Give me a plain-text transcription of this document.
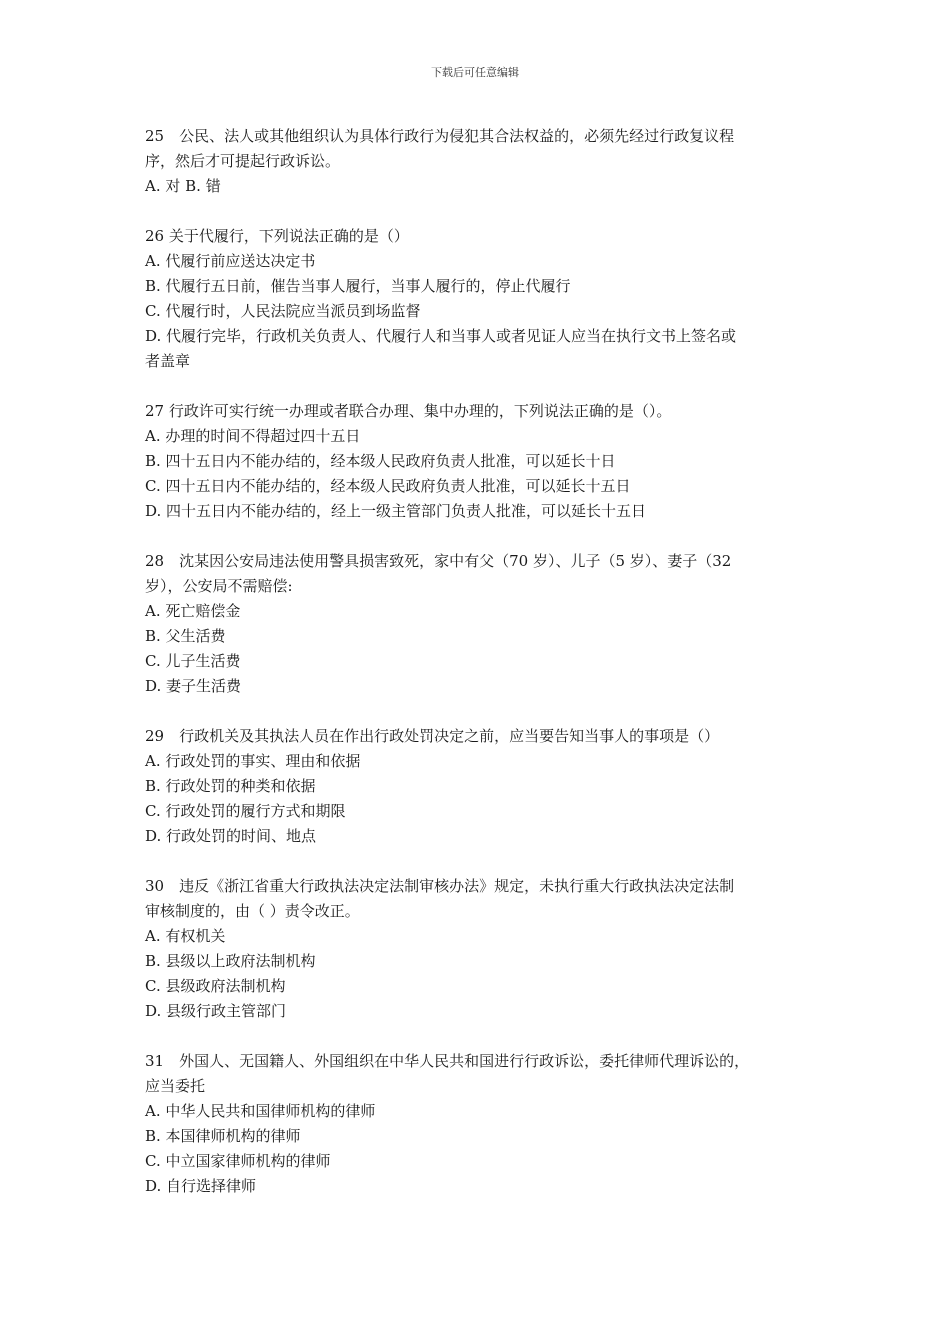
下载后可任意编辑
25　公民、法人或其他组织认为具体行政行为侵犯其合法权益的，必须先经过行政复议程
序，然后才可提起行政诉讼。
A. 对 B. 错
26 关于代履行，下列说法正确的是（）
A. 代履行前应送达决定书
B. 代履行五日前，催告当事人履行，当事人履行的，停止代履行
C. 代履行时，人民法院应当派员到场监督
D. 代履行完毕，行政机关负责人、代履行人和当事人或者见证人应当在执行文书上签名或
者盖章
27 行政许可实行统一办理或者联合办理、集中办理的，下列说法正确的是（）。
A. 办理的时间不得超过四十五日
B. 四十五日内不能办结的，经本级人民政府负责人批准，可以延长十日
C. 四十五日内不能办结的，经本级人民政府负责人批准，可以延长十五日
D. 四十五日内不能办结的，经上一级主管部门负责人批准，可以延长十五日
28　沈某因公安局违法使用警具损害致死，家中有父（70 岁）、儿子（5 岁）、妻子（32
岁），公安局不需赔偿:
A. 死亡赔偿金
B. 父生活费
C. 儿子生活费
D. 妻子生活费
29　行政机关及其执法人员在作出行政处罚决定之前，应当要告知当事人的事项是（）
A. 行政处罚的事实、理由和依据
B. 行政处罚的种类和依据
C. 行政处罚的履行方式和期限
D. 行政处罚的时间、地点
30　违反《浙江省重大行政执法决定法制审核办法》规定，未执行重大行政执法决定法制
审核制度的，由（ ）责令改正。
A. 有权机关
B. 县级以上政府法制机构
C. 县级政府法制机构
D. 县级行政主管部门
31　外国人、无国籍人、外国组织在中华人民共和国进行行政诉讼，委托律师代理诉讼的，
应当委托
A. 中华人民共和国律师机构的律师
B. 本国律师机构的律师
C. 中立国家律师机构的律师
D. 自行选择律师
